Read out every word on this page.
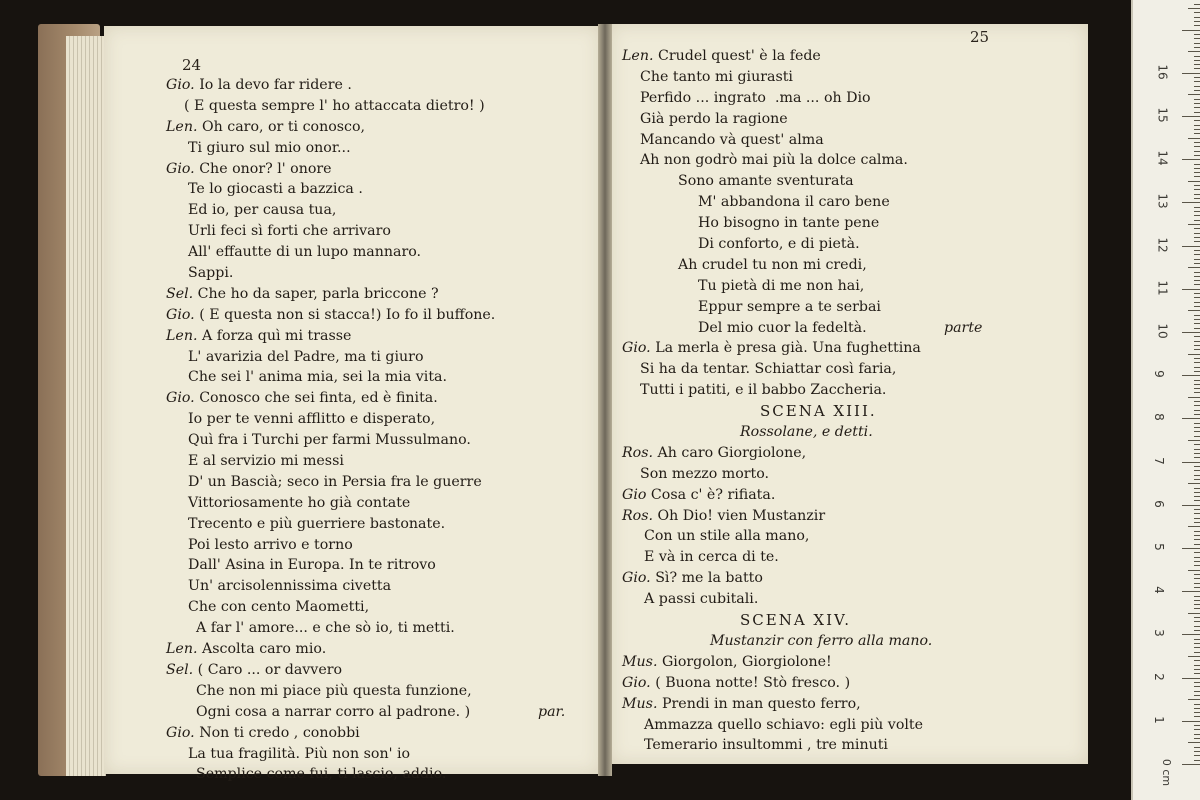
24
25
Gio. Io la devo far ridere .
( E questa sempre l' ho attaccata dietro! )
Len. Oh caro, or ti conosco,
Ti giuro sul mio onor...
Gio. Che onor? l' onore
Te lo giocasti a bazzica .
Ed io, per causa tua,
Urli feci sì forti che arrivaro
All' effautte di un lupo mannaro.
Sappi.
Sel. Che ho da saper, parla briccone ?
Gio. ( E questa non si stacca!) Io fo il buffone.
Len. A forza quì mi trasse
L' avarizia del Padre, ma ti giuro
Che sei l' anima mia, sei la mia vita.
Gio. Conosco che sei finta, ed è finita.
Io per te venni afflitto e disperato,
Quì fra i Turchi per farmi Mussulmano.
E al servizio mi messi
D' un Bascià; seco in Persia fra le guerre
Vittoriosamente ho già contate
Trecento e più guerriere bastonate.
Poi lesto arrivo e torno
Dall' Asina in Europa. In te ritrovo
Un' arcisolennissima civetta
Che con cento Maometti,
A far l' amore... e che sò io, ti metti.
Len. Ascolta caro mio.
Sel. ( Caro ... or davvero
Che non mi piace più questa funzione,
Ogni cosa a narrar corro al padrone. )	par.
Gio. Non ti credo , conobbi
La tua fragilità. Più non son' io
Semplice come fui, ti lascio, addio.
Len. Crudel quest' è la fede
Che tanto mi giurasti
Perfido ... ingrato  .ma ... oh Dio
Già perdo la ragione
Mancando và quest' alma
Ah non godrò mai più la dolce calma.
Sono amante sventurata
M' abbandona il caro bene
Ho bisogno in tante pene
Di conforto, e di pietà.
Ah crudel tu non mi credi,
Tu pietà di me non hai,
Eppur sempre a te serbai
Del mio cuor la fedeltà.	parte
Gio. La merla è presa già. Una fughettina
Si ha da tentar. Schiattar così faria,
Tutti i patiti, e il babbo Zaccheria.
SCENA XIII.
Rossolane, e detti.
Ros. Ah caro Giorgiolone,
Son mezzo morto.
Gio Cosa c' è? rifiata.
Ros. Oh Dio! vien Mustanzir
Con un stile alla mano,
E và in cerca di te.
Gio. Sì? me la batto
A passi cubitali.
SCENA XIV.
Mustanzir con ferro alla mano.
Mus. Giorgolon, Giorgiolone!
Gio. ( Buona notte! Stò fresco. )
Mus. Prendi in man questo ferro,
Ammazza quello schiavo: egli più volte
Temerario insultommi , tre minuti
0 cm
1
2
3
4
5
6
7
8
9
10
11
12
13
14
15
16
